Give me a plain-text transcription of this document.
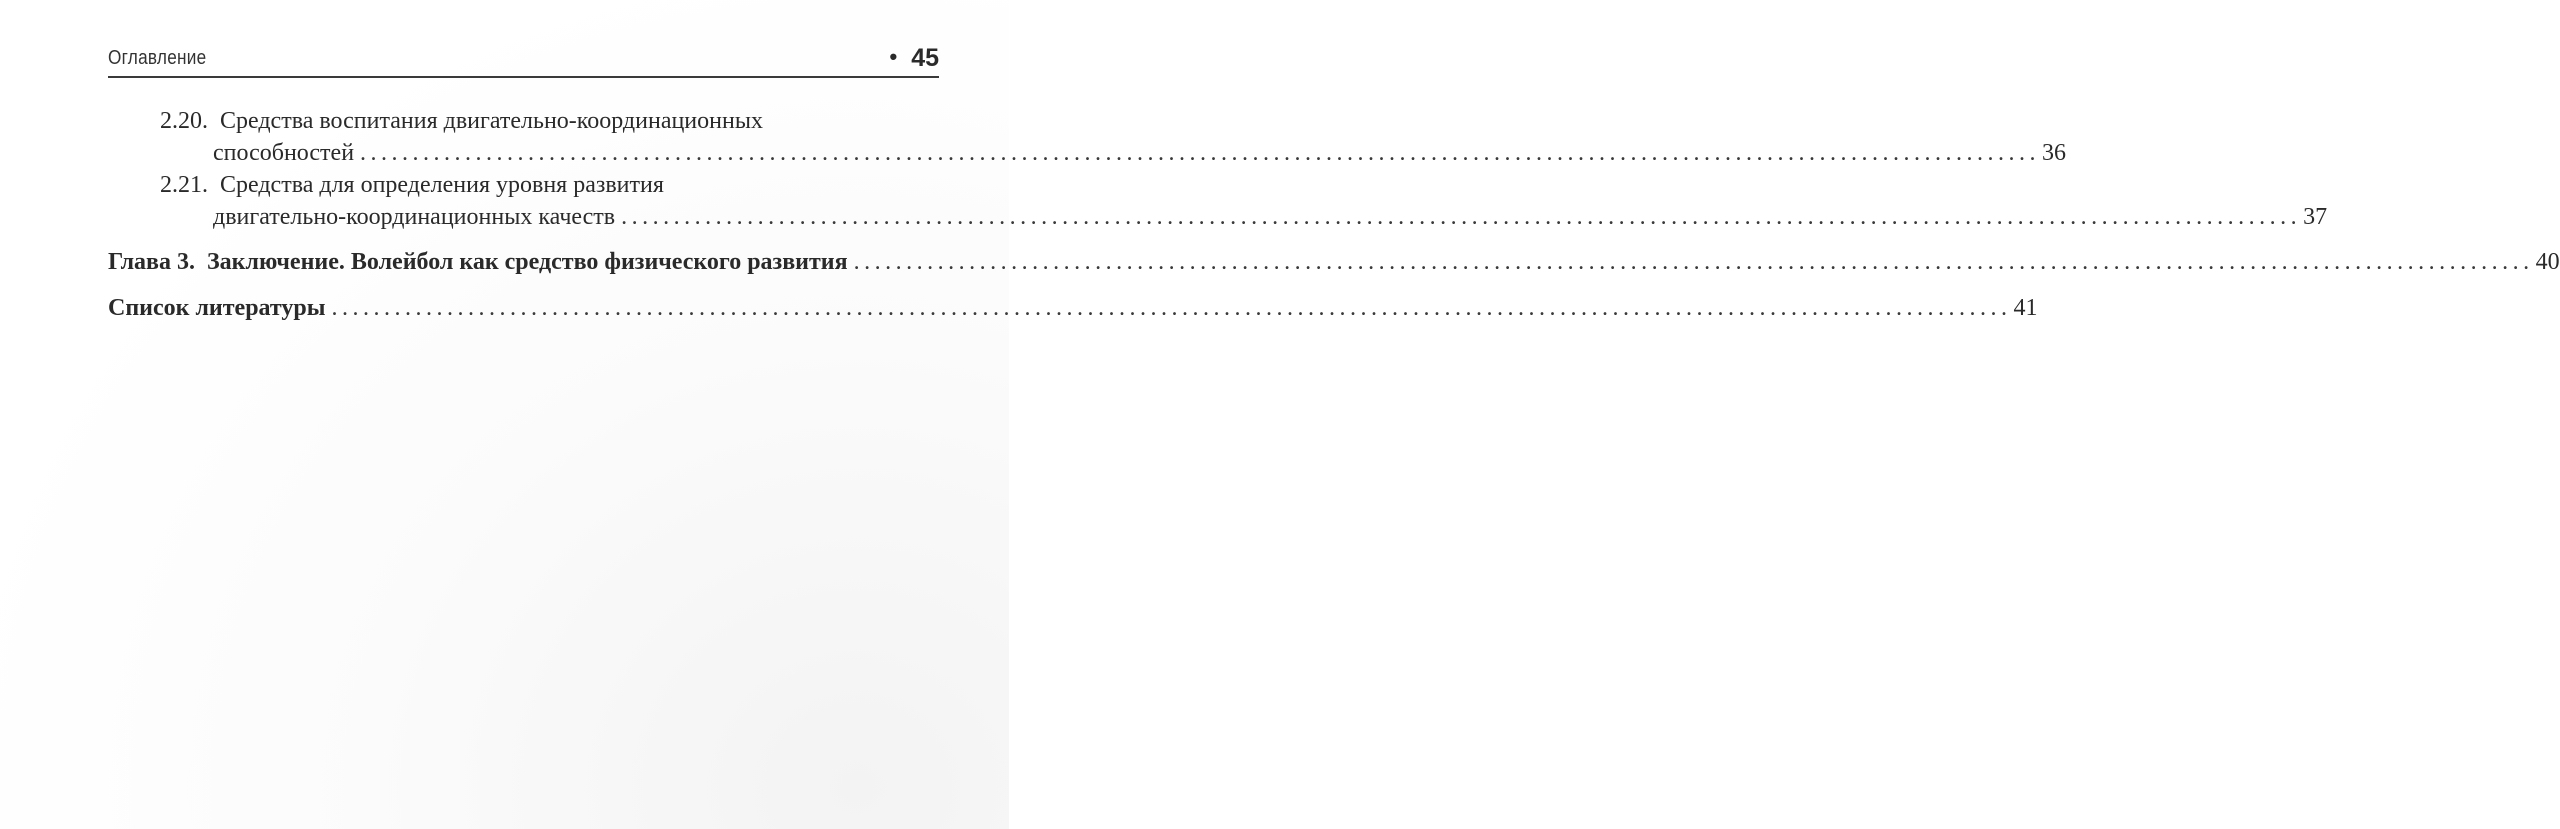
Оглавление	• 45
2.20. Средства воспитания двигательно-координационных
способностей ................................................................................................................................................................ 36
2.21. Средства для определения уровня развития
двигательно-координационных качеств ................................................................................................................................................................ 37
Глава 3. Заключение. Волейбол как средство физического развития ................................................................................................................................................................ 40
Список литературы ................................................................................................................................................................ 41
